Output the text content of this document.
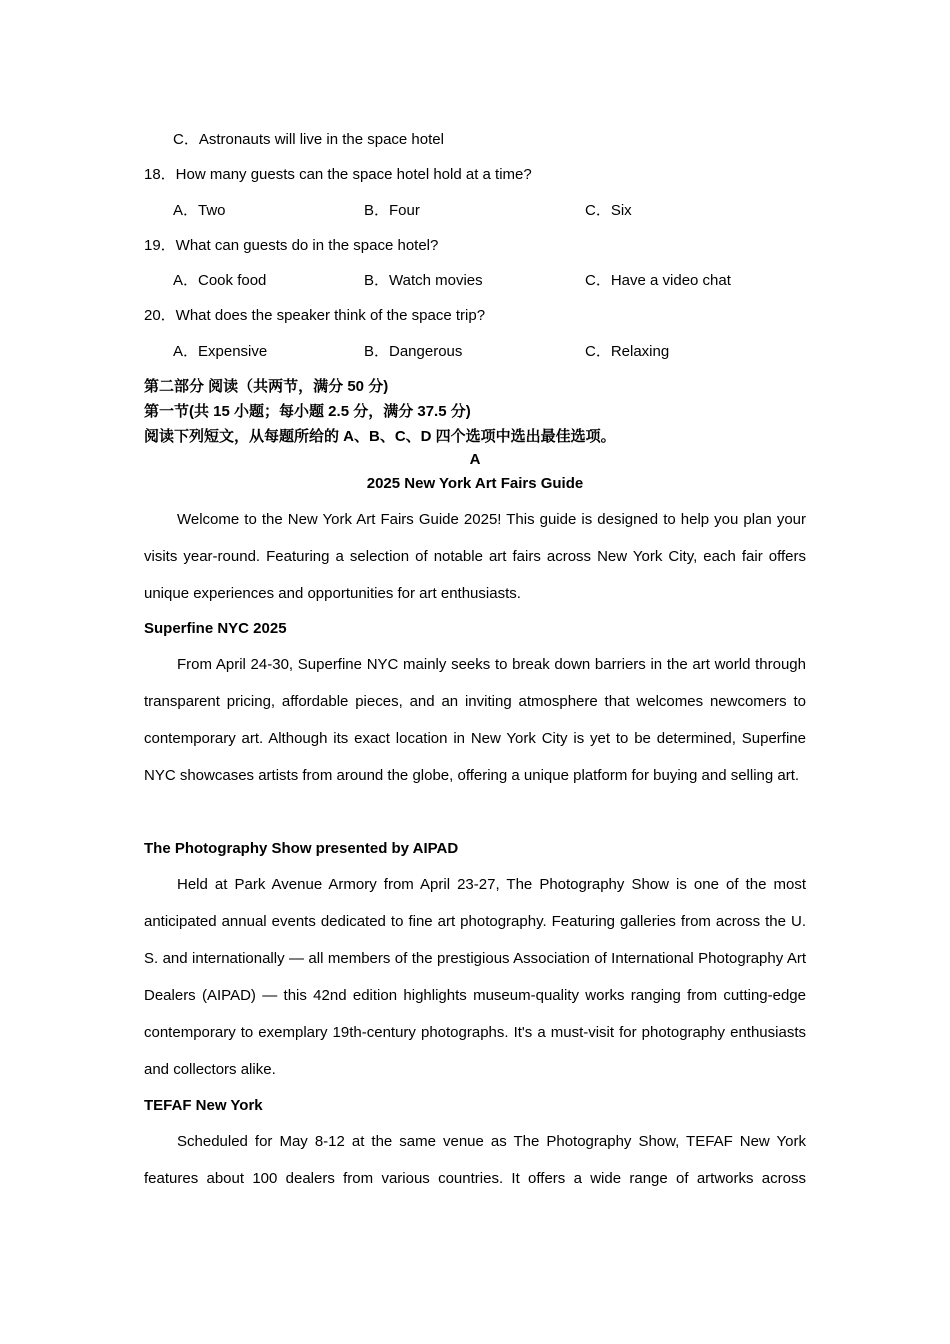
C．Astronauts will live in the space hotel
18．How many guests can the space hotel hold at a time?
A．Two	B．Four	C．Six
19．What can guests do in the space hotel?
A．Cook food	B．Watch movies	C．Have a video chat
20．What does the speaker think of the space trip?
A．Expensive	B．Dangerous	C．Relaxing
第二部分 阅读（共两节，满分 50 分)
第一节(共 15 小题；每小题 2.5 分，满分 37.5 分)
阅读下列短文，从每题所给的 A、B、C、D 四个选项中选出最佳选项。
A
2025 New York Art Fairs Guide
Welcome to the New York Art Fairs Guide 2025! This guide is designed to help you plan your visits year-round. Featuring a selection of notable art fairs across New York City, each fair offers unique experiences and opportunities for art enthusiasts.
Superfine NYC 2025
From April 24-30, Superfine NYC mainly seeks to break down barriers in the art world through transparent pricing, affordable pieces, and an inviting atmosphere that welcomes newcomers to contemporary art. Although its exact location in New York City is yet to be determined, Superfine NYC showcases artists from around the globe, offering a unique platform for buying and selling art.
The Photography Show presented by AIPAD
Held at Park Avenue Armory from April 23-27, The Photography Show is one of the most anticipated annual events dedicated to fine art photography. Featuring galleries from across the U. S. and internationally — all members of the prestigious Association of International Photography Art Dealers (AIPAD) — this 42nd edition highlights museum-quality works ranging from cutting-edge contemporary to exemplary 19th-century photographs. It's a must-visit for photography enthusiasts and collectors alike.
TEFAF New York
Scheduled for May 8-12 at the same venue as The Photography Show, TEFAF New York features about 100 dealers from various countries. It offers a wide range of artworks across
